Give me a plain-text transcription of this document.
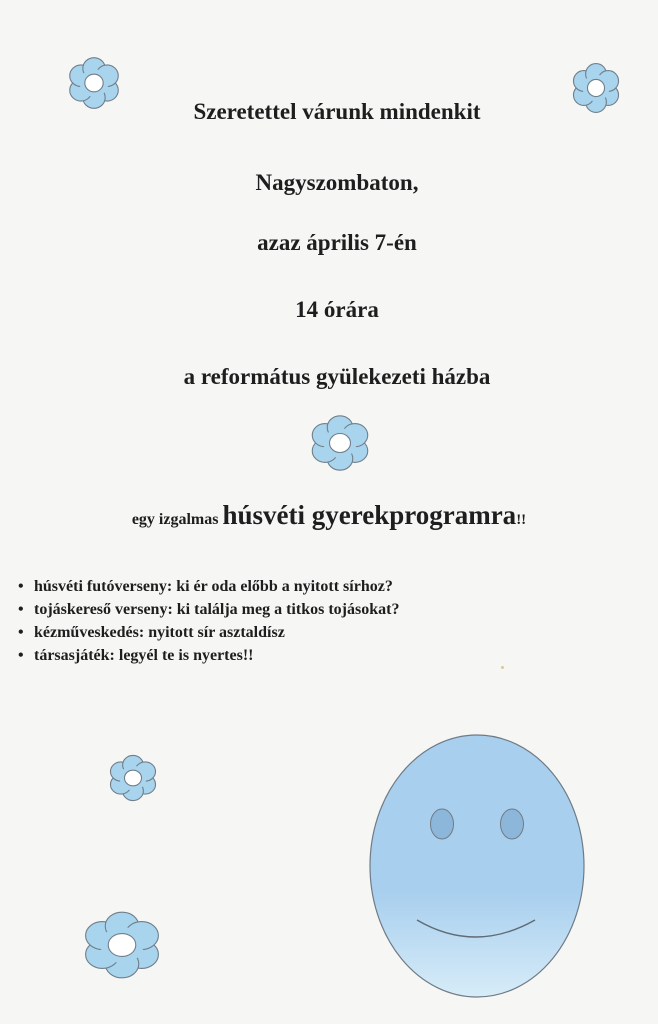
Szeretettel várunk mindenkit
Nagyszombaton,
azaz április 7-én
14 órára
a református gyülekezeti házba
egy izgalmas húsvéti gyerekprogramra!!
• húsvéti futóverseny: ki ér oda előbb a nyitott sírhoz?
• tojáskereső verseny: ki találja meg a titkos tojásokat?
• kézműveskedés: nyitott sír asztaldísz
• társasjáték: legyél te is nyertes!!
